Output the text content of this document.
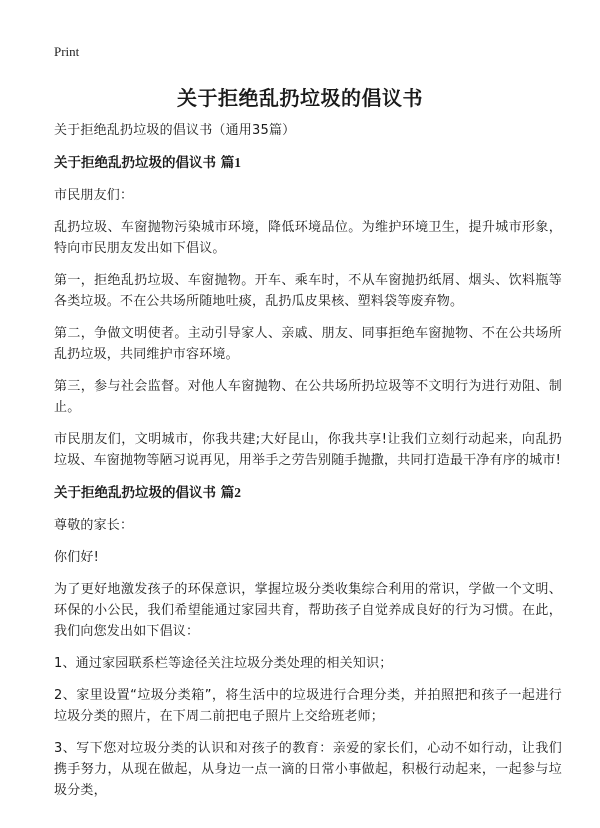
Print
关于拒绝乱扔垃圾的倡议书

关于拒绝乱扔垃圾的倡议书（通用35篇）

关于拒绝乱扔垃圾的倡议书 篇1

市民朋友们：

乱扔垃圾、车窗抛物污染城市环境，降低环境品位。为维护环境卫生，提升城市形象，特向市民朋友发出如下倡议。

第一，拒绝乱扔垃圾、车窗抛物。开车、乘车时，不从车窗抛扔纸屑、烟头、饮料瓶等各类垃圾。不在公共场所随地吐痰，乱扔瓜皮果核、塑料袋等废弃物。

第二，争做文明使者。主动引导家人、亲戚、朋友、同事拒绝车窗抛物、不在公共场所乱扔垃圾，共同维护市容环境。

第三，参与社会监督。对他人车窗抛物、在公共场所扔垃圾等不文明行为进行劝阻、制止。

市民朋友们，文明城市，你我共建;大好昆山，你我共享!让我们立刻行动起来，向乱扔垃圾、车窗抛物等陋习说再见，用举手之劳告别随手抛撒，共同打造最干净有序的城市!

关于拒绝乱扔垃圾的倡议书 篇2

尊敬的家长：

你们好!

为了更好地激发孩子的环保意识，掌握垃圾分类收集综合利用的常识，学做一个文明、环保的小公民，我们希望能通过家园共育，帮助孩子自觉养成良好的行为习惯。在此，我们向您发出如下倡议：

1、通过家园联系栏等途径关注垃圾分类处理的相关知识；

2、家里设置“垃圾分类箱”，将生活中的垃圾进行合理分类，并拍照把和孩子一起进行垃圾分类的照片，在下周二前把电子照片上交给班老师；

3、写下您对垃圾分类的认识和对孩子的教育：亲爱的家长们，心动不如行动，让我们携手努力，从现在做起，从身边一点一滴的日常小事做起，积极行动起来，一起参与垃圾分类，
